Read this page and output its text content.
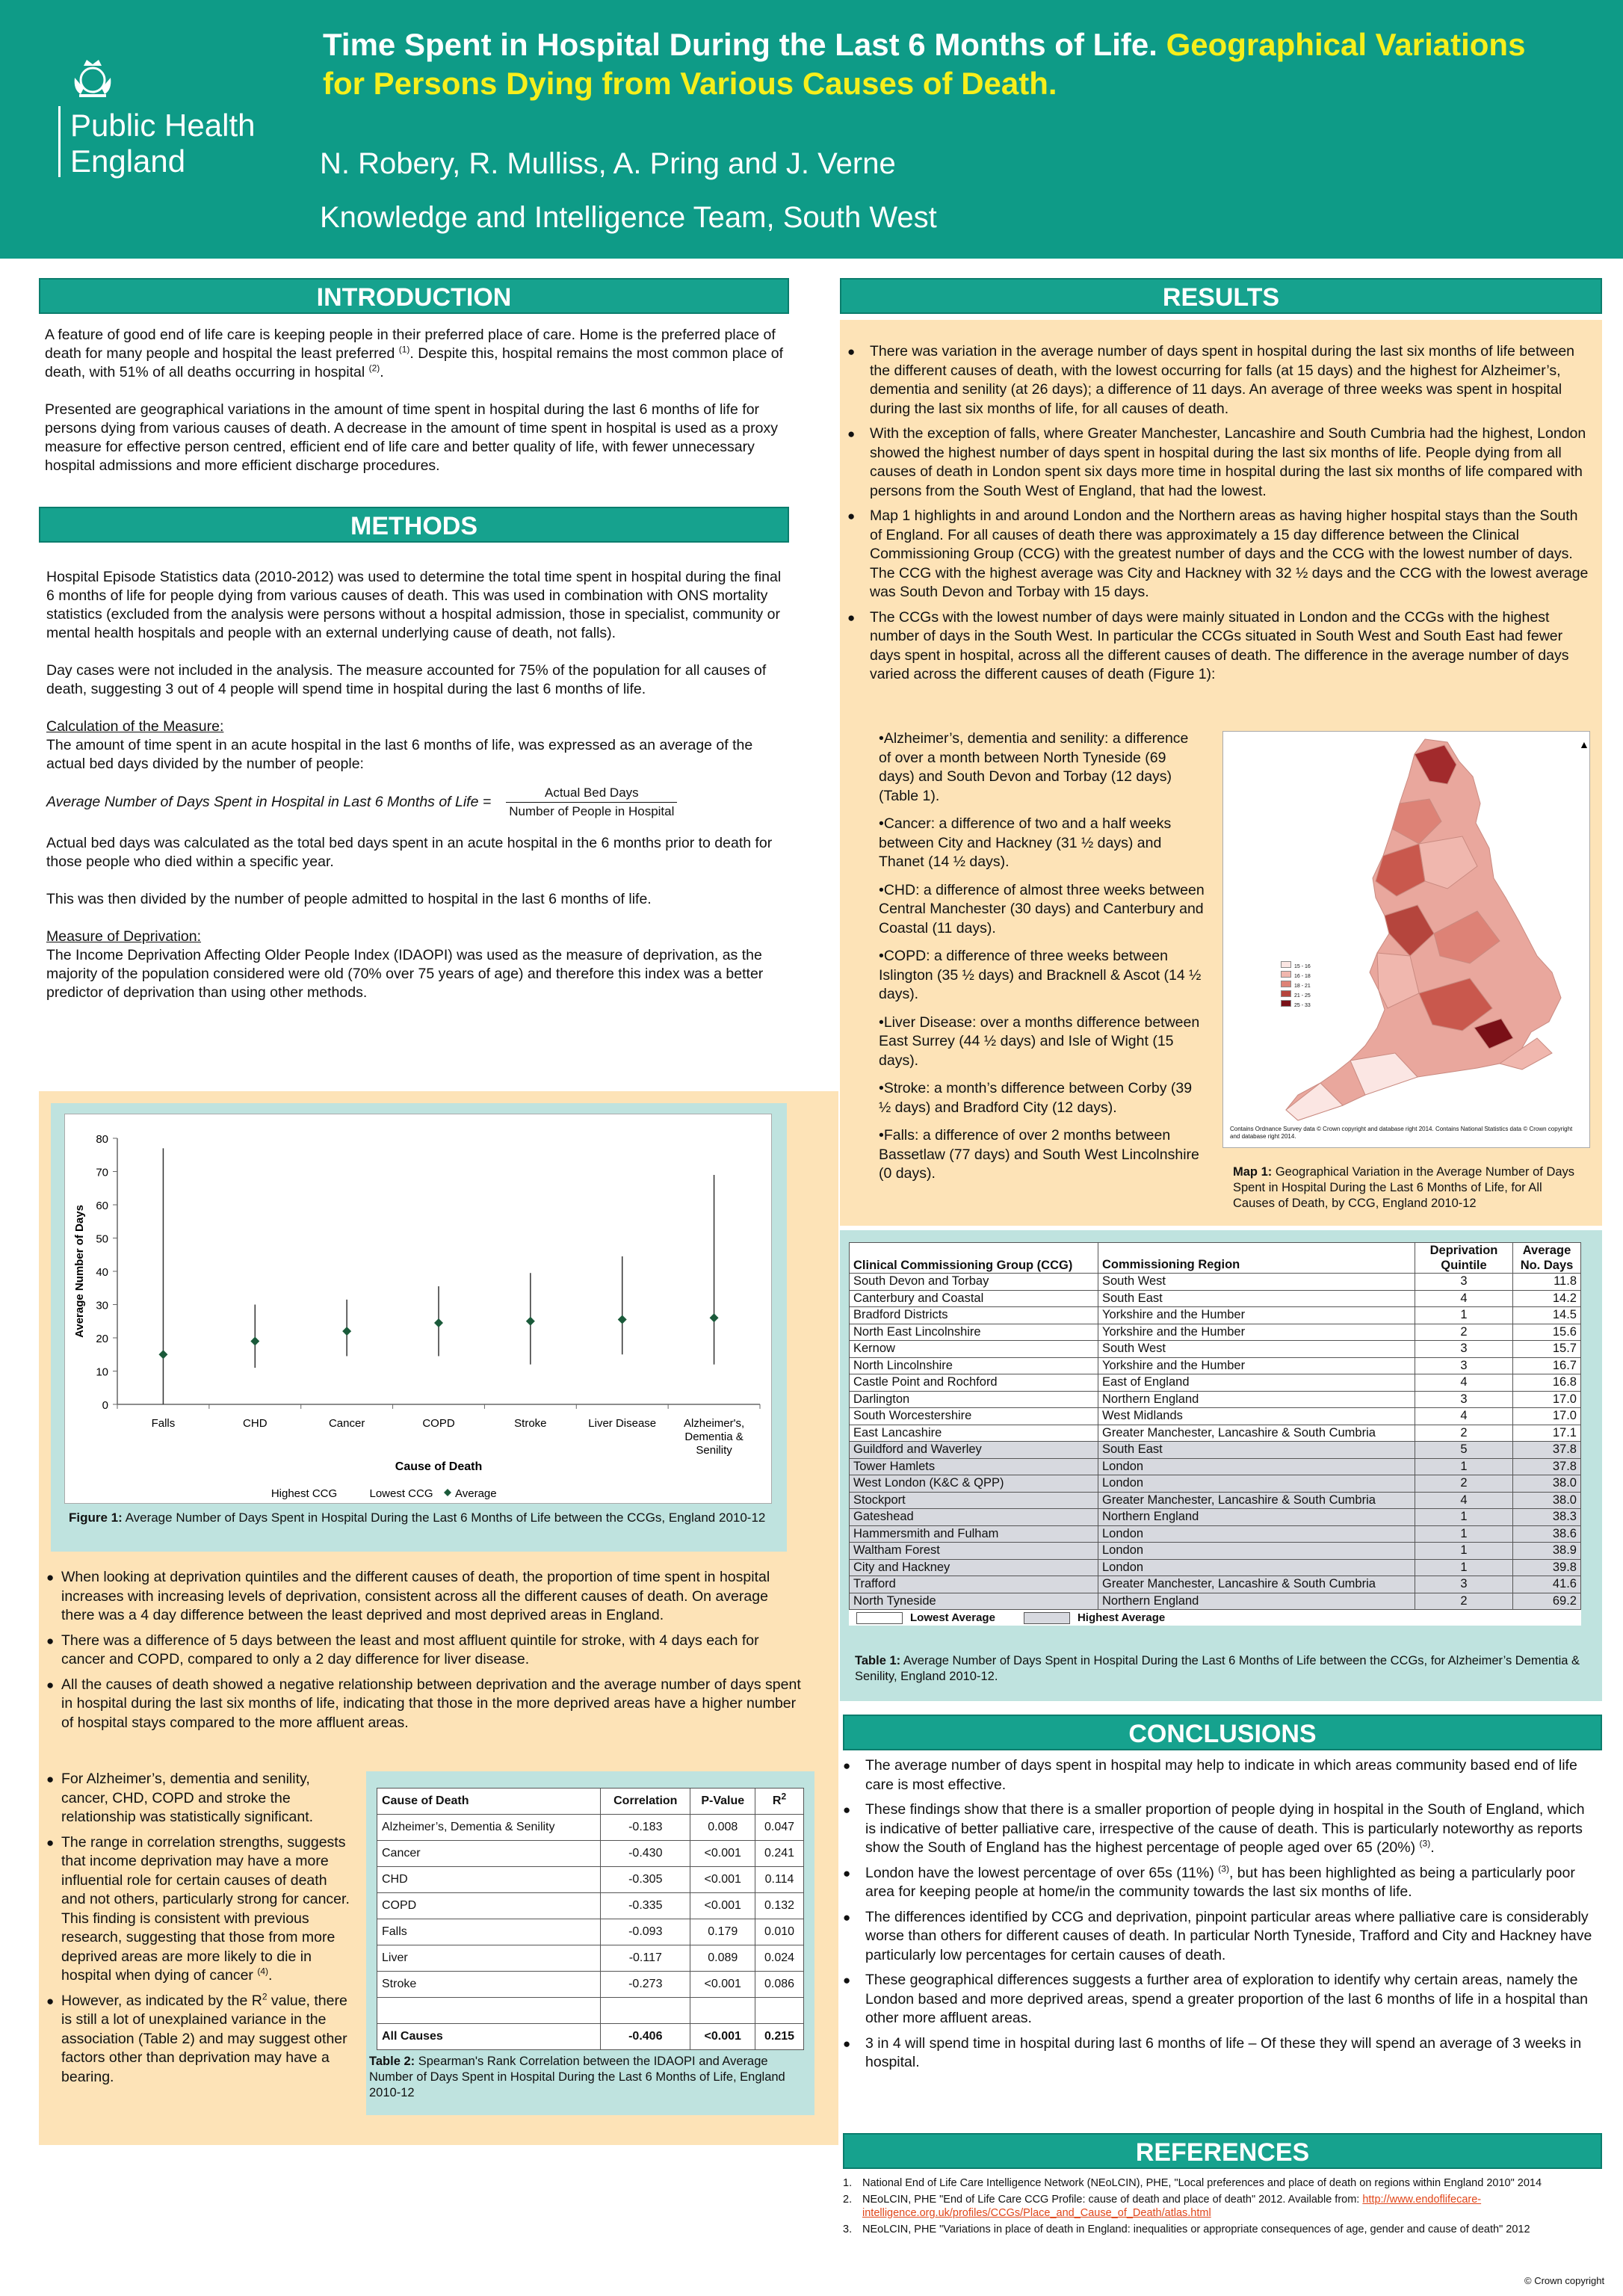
Public Health
England
Time Spent in Hospital During the Last 6 Months of Life. Geographical Variations
for Persons Dying from Various Causes of Death.
N. Robery, R. Mulliss, A. Pring and J. Verne
Knowledge and Intelligence Team, South West
INTRODUCTION

A feature of good end of life care is keeping people in their preferred place of care. Home is the preferred place of death for many people and hospital the least preferred $^{(1)}$. Despite this, hospital remains the most common place of death, with 51% of all deaths occurring in hospital $^{(2)}$.

Presented are geographical variations in the amount of time spent in hospital during the last 6 months of life for persons dying from various causes of death. A decrease in the amount of time spent in hospital is used as a proxy measure for effective person centred, efficient end of life care and better quality of life, with fewer unnecessary hospital admissions and more efficient discharge procedures.

METHODS

Hospital Episode Statistics data (2010-2012) was used to determine the total time spent in hospital during the final 6 months of life for people dying from various causes of death. This was used in combination with ONS mortality statistics (excluded from the analysis were persons without a hospital admission, those in specialist, community or mental health hospitals and people with an external underlying cause of death, not falls).

Day cases were not included in the analysis. The measure accounted for 75% of the population for all causes of death, suggesting 3 out of 4 people will spend time in hospital during the last 6 months of life.

Calculation of the Measure:
The amount of time spent in an acute hospital in the last 6 months of life, was expressed as an average of the actual bed days divided by the number of people:
Average Number of Days Spent in Hospital in Last 6 Months of Life =
Actual Bed Days
Number of People in Hospital

Actual bed days was calculated as the total bed days spent in an acute hospital in the 6 months prior to death for those people who died within a specific year.

This was then divided by the number of people admitted to hospital in the last 6 months of life.

Measure of Deprivation:
The Income Deprivation Affecting Older People Index (IDAOPI) was used as the measure of deprivation, as the majority of the population considered were old (70% over 75 years of age) and therefore this index was a better predictor of deprivation than using other methods.
0
10
20
30
40
50
60
70
80
Falls	CHD	Cancer	COPD	Stroke	Liver Disease Alzheimer's,
Dementia &
Senility
Cause of Death
Average Number of Days
Highest CCG	Lowest CCG Average
Figure 1: Average Number of Days Spent in Hospital During the Last 6 Months of Life between the CCGs, England 2010-12
● When looking at deprivation quintiles and the different causes of death, the proportion of time spent in hospital increases with increasing levels of deprivation, consistent across all the different causes of death. On average there was a 4 day difference between the least deprived and most deprived areas in England.
● There was a difference of 5 days between the least and most affluent quintile for stroke, with 4 days each for cancer and COPD, compared to only a 2 day difference for liver disease.
● All the causes of death showed a negative relationship between deprivation and the average number of days spent in hospital during the last six months of life, indicating that those in the more deprived areas have a higher number of hospital stays compared to the more affluent areas.
● For Alzheimer’s, dementia and senility, cancer, CHD, COPD and stroke the relationship was statistically significant.
● The range in correlation strengths, suggests that income deprivation may have a more influential role for certain causes of death and not others, particularly strong for cancer. This finding is consistent with previous research, suggesting that those from more deprived areas are more likely to die in hospital when dying of cancer $^{(4)}$.
● However, as indicated by the $R^2$ value, there is still a lot of unexplained variance in the association (Table 2) and may suggest other factors other than deprivation may have a bearing.
Cause of Death	Correlation	P-Value	$R^2$
Alzheimer’s, Dementia & Senility	-0.183	0.008	0.047
Cancer	-0.430	<0.001	0.241
CHD	-0.305	<0.001	0.114
COPD	-0.335	<0.001	0.132
Falls	-0.093	0.179	0.010
Liver	-0.117	0.089	0.024
Stroke	-0.273	<0.001	0.086

All Causes	-0.406	<0.001	0.215
Table 2: Spearman's Rank Correlation between the IDAOPI and Average Number of Days Spent in Hospital During the Last 6 Months of Life, England 2010-12
RESULTS
● There was variation in the average number of days spent in hospital during the last six months of life between the different causes of death, with the lowest occurring for falls (at 15 days) and the highest for Alzheimer’s, dementia and senility (at 26 days); a difference of 11 days. An average of three weeks was spent in hospital during the last six months of life, for all causes of death.
● With the exception of falls, where Greater Manchester, Lancashire and South Cumbria had the highest, London showed the highest number of days spent in hospital during the last six months of life. People dying from all causes of death in London spent six days more time in hospital during the last six months of life compared with persons from the South West of England, that had the lowest.
● Map 1 highlights in and around London and the Northern areas as having higher hospital stays than the South of England. For all causes of death there was approximately a 15 day difference between the Clinical Commissioning Group (CCG) with the greatest number of days and the CCG with the lowest number of days. The CCG with the highest average was City and Hackney with 32 ½ days and the CCG with the lowest average was South Devon and Torbay with 15 days.
● The CCGs with the lowest number of days were mainly situated in London and the CCGs with the highest number of days in the South West. In particular the CCGs situated in South West and South East had fewer days spent in hospital, across all the different causes of death. The difference in the average number of days varied across the different causes of death (Figure 1):
•Alzheimer’s, dementia and senility: a difference of over a month between North Tyneside (69 days) and South Devon and Torbay (12 days) (Table 1).
•Cancer: a difference of two and a half weeks between City and Hackney (31 ½ days) and Thanet (14 ½ days).
•CHD: a difference of almost three weeks between Central Manchester (30 days) and Canterbury and Coastal (11 days).
•COPD: a difference of three weeks between Islington (35 ½ days) and Bracknell & Ascot (14 ½ days).
•Liver Disease: over a months difference between East Surrey (44 ½ days) and Isle of Wight (15 days).
•Stroke: a month’s difference between Corby (39 ½ days) and Bradford City (12 days).
•Falls: a difference of over 2 months between Bassetlaw (77 days) and South West Lincolnshire (0 days).
▲
15 - 16
16 - 18
18 - 21
21 - 25
25 - 33
Contains Ordnance Survey data © Crown copyright and database right 2014. Contains National Statistics data © Crown copyright and database right 2014.
Map 1: Geographical Variation in the Average Number of Days Spent in Hospital During the Last 6 Months of Life, for All Causes of Death, by CCG, England 2010-12
Clinical Commissioning Group (CCG)	Commissioning Region	Deprivation Quintile	Average No. Days
South Devon and Torbay	South West	3	11.8
Canterbury and Coastal	South East	4	14.2
Bradford Districts	Yorkshire and the Humber	1	14.5
North East Lincolnshire	Yorkshire and the Humber	2	15.6
Kernow	South West	3	15.7
North Lincolnshire	Yorkshire and the Humber	3	16.7
Castle Point and Rochford	East of England	4	16.8
Darlington	Northern England	3	17.0
South Worcestershire	West Midlands	4	17.0
East Lancashire	Greater Manchester, Lancashire & South Cumbria	2	17.1
Guildford and Waverley	South East	5	37.8
Tower Hamlets	London	1	37.8
West London (K&C & QPP)	London	2	38.0
Stockport	Greater Manchester, Lancashire & South Cumbria	4	38.0
Gateshead	Northern England	1	38.3
Hammersmith and Fulham	London	1	38.6
Waltham Forest	London	1	38.9
City and Hackney	London	1	39.8
Trafford	Greater Manchester, Lancashire & South Cumbria	3	41.6
North Tyneside	Northern England	2	69.2
Lowest Average	Highest Average
Table 1: Average Number of Days Spent in Hospital During the Last 6 Months of Life between the CCGs, for Alzheimer’s Dementia & Senility, England 2010-12.
CONCLUSIONS
● The average number of days spent in hospital may help to indicate in which areas community based end of life care is most effective.
● These findings show that there is a smaller proportion of people dying in hospital in the South of England, which is indicative of better palliative care, irrespective of the cause of death. This is particularly noteworthy as reports show the South of England has the highest percentage of people aged over 65 (20%) $^{(3)}$.
● London have the lowest percentage of over 65s (11%) $^{(3)}$, but has been highlighted as being a particularly poor area for keeping people at home/in the community towards the last six months of life.
● The differences identified by CCG and deprivation, pinpoint particular areas where palliative care is considerably worse than others for different causes of death. In particular North Tyneside, Trafford and City and Hackney have particularly low percentages for certain causes of death.
● These geographical differences suggests a further area of exploration to identify why certain areas, namely the London based and more deprived areas, spend a greater proportion of the last 6 months of life in a hospital than other more affluent areas.
● 3 in 4 will spend time in hospital during last 6 months of life – Of these they will spend an average of 3 weeks in hospital.
REFERENCES
1. National End of Life Care Intelligence Network (NEoLCIN), PHE, "Local preferences and place of death on regions within England 2010" 2014
2. NEoLCIN, PHE "End of Life Care CCG Profile: cause of death and place of death" 2012. Available from: http://www.endoflifecare-intelligence.org.uk/profiles/CCGs/Place_and_Cause_of_Death/atlas.html
3. NEoLCIN, PHE "Variations in place of death in England: inequalities or appropriate consequences of age, gender and cause of death" 2012
© Crown copyright
